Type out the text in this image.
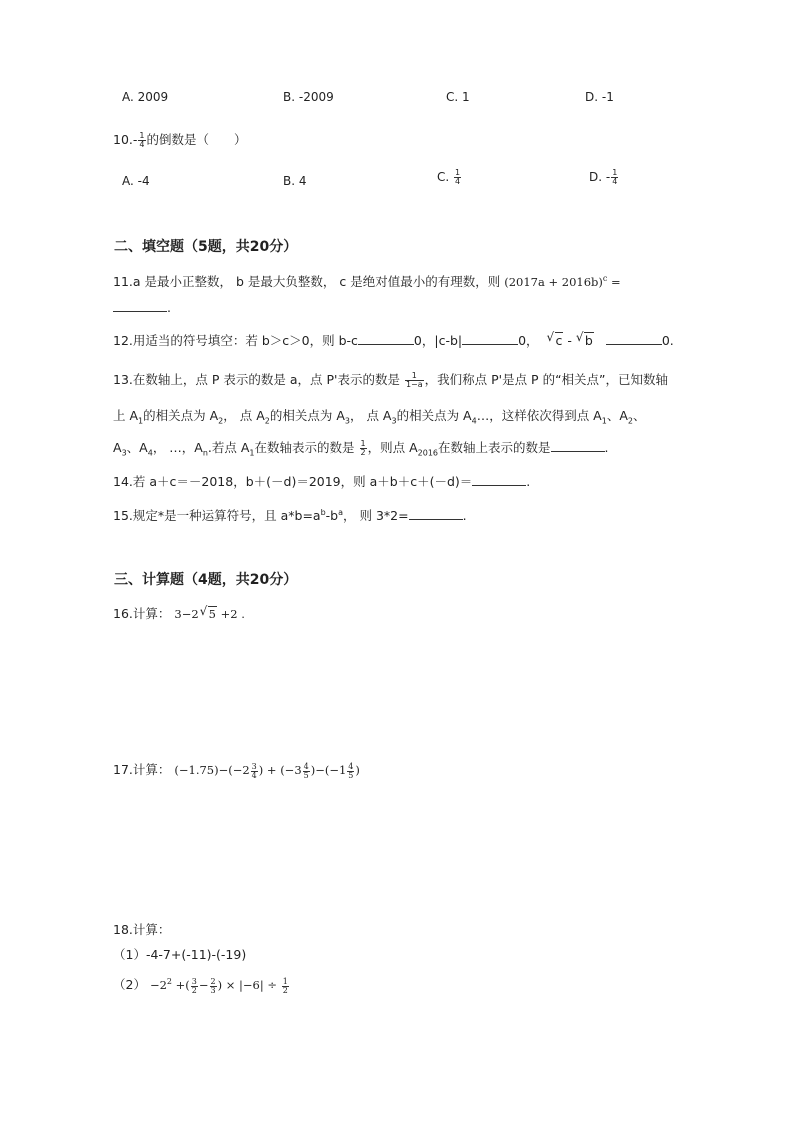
A. 2009	B. -2009	C. 1	D. -1
$10.- \frac{1}{4}$ 的倒数是（　　）
A. -4	B. 4	C. $\frac{1}{4}$	D. - $\frac{1}{4}$
二、填空题（5题，共20分）
11.a 是最小正整数， b 是最大负整数， c 是绝对值最小的有理数，则 $(2017a + 2016b)^c$ =
.
12.用适当的符号填空：若 b＞c＞0，则 b-c	0，|c-b|	0， √ c - √ b	0.
13.在数轴上，点 P 表示的数是 a，点 P'表示的数是 $\frac{1}{1-a}$ ，我们称点 P'是点 P 的“相关点”，已知数轴
上 $A_1$的相关点为 $A_2$， 点 $A_2$的相关点为 $A_3$， 点 $A_3$的相关点为 $A_4\dots$，这样依次得到点 $A_1$、$A_2$、
$A_3$、$A_4$， …，$A_n$.若点 $A_1$在数轴表示的数是 $\frac{1}{2}$ ，则点 $A_{2016}$在数轴上表示的数是	.
14.若 a＋c＝－2018，b＋(－d)＝2019，则 a＋b＋c＋(－d)＝	.
15.规定*是一种运算符号，且 $a*b=a^b-b^a$， 则 3*2=	.
三、计算题（4题，共20分）
16.计算： 3−2 √ 5 +2 .
17.计算： $(-1.75)-(-2 \frac{3}{4}$ ) + $(-3 \frac{4}{5} )-(-1 \frac{4}{5}$ )
18.计算：
（1）-4-7+(-11)-(-19)
$(2) -2^2$ +( $\frac{3}{2} - \frac{2}{3}$ ) × $|-6| \div \frac{1}{2}$
